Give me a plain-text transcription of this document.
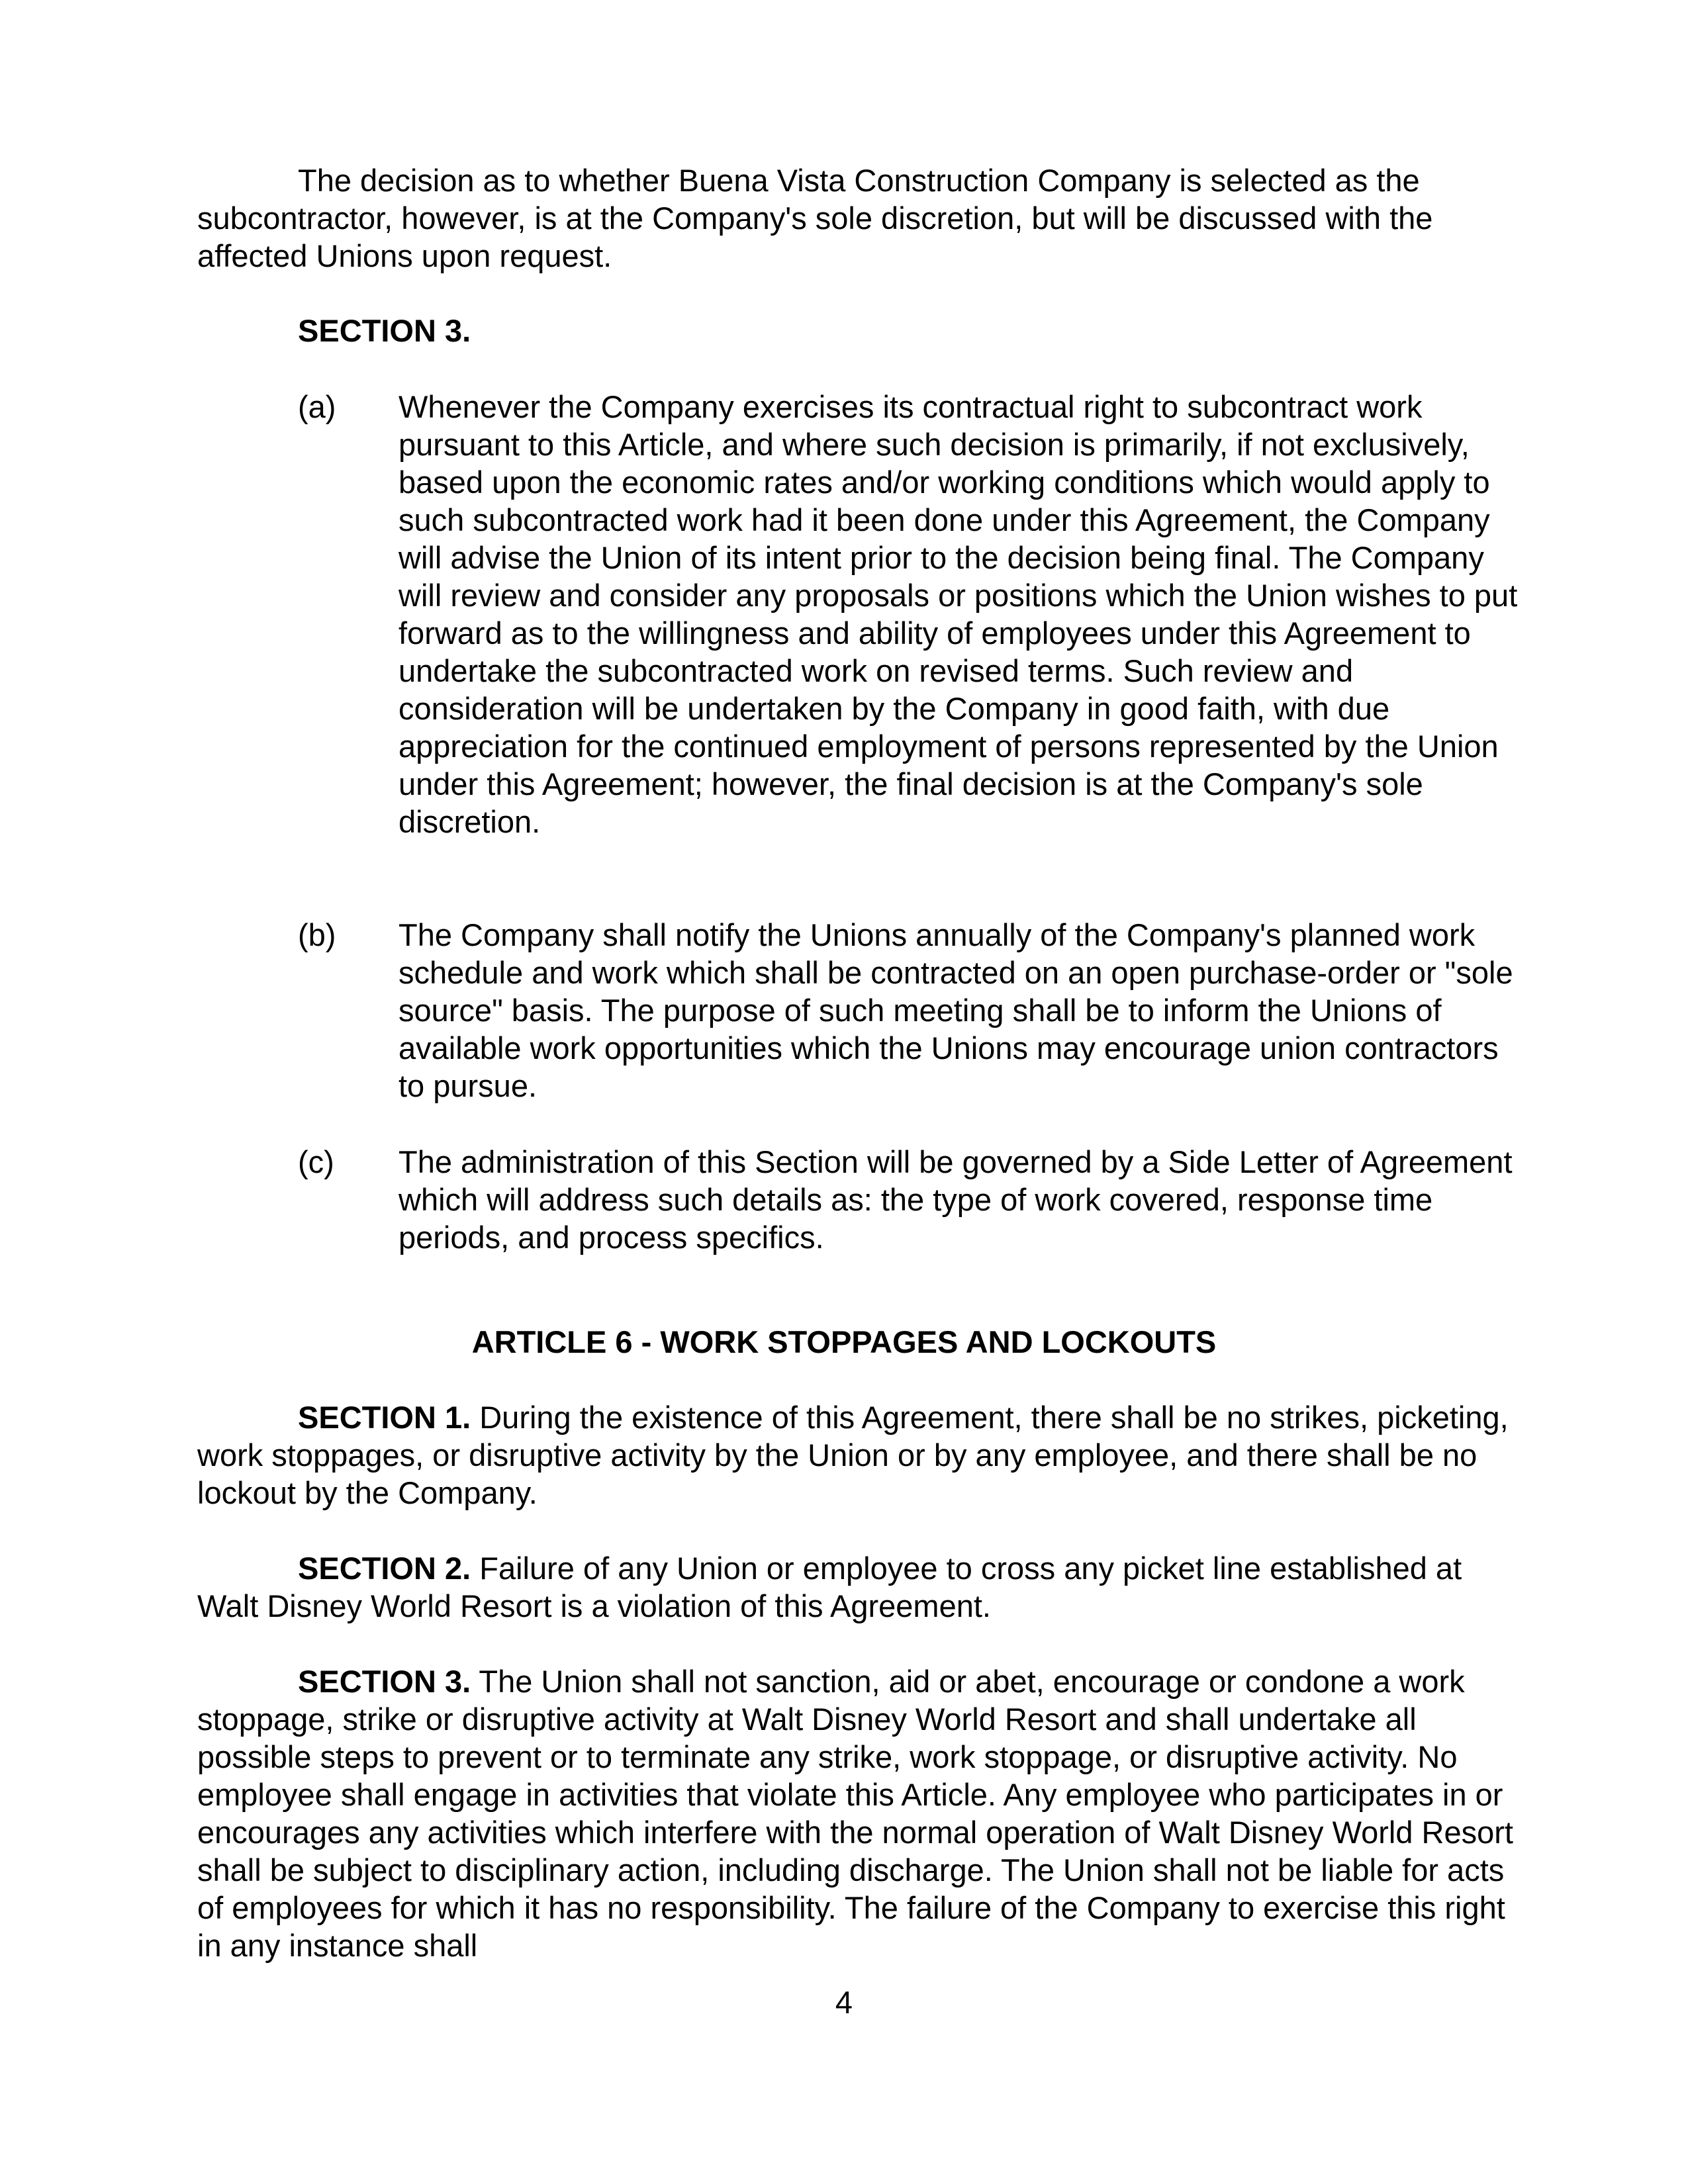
The decision as to whether Buena Vista Construction Company is selected as the subcontractor, however, is at the Company's sole discretion, but will be discussed with the affected Unions upon request.

SECTION 3.

(a) Whenever the Company exercises its contractual right to subcontract work pursuant to this Article, and where such decision is primarily, if not exclusively, based upon the economic rates and/or working conditions which would apply to such subcontracted work had it been done under this Agreement, the Company will advise the Union of its intent prior to the decision being final. The Company will review and consider any proposals or positions which the Union wishes to put forward as to the willingness and ability of employees under this Agreement to undertake the subcontracted work on revised terms. Such review and consideration will be undertaken by the Company in good faith, with due appreciation for the continued employment of persons represented by the Union under this Agreement; however, the final decision is at the Company's sole discretion.

(b) The Company shall notify the Unions annually of the Company's planned work schedule and work which shall be contracted on an open purchase-order or "sole source" basis. The purpose of such meeting shall be to inform the Unions of available work opportunities which the Unions may encourage union contractors to pursue.

(c) The administration of this Section will be governed by a Side Letter of Agreement which will address such details as: the type of work covered, response time periods, and process specifics.

ARTICLE 6 - WORK STOPPAGES AND LOCKOUTS

SECTION 1. During the existence of this Agreement, there shall be no strikes, picketing, work stoppages, or disruptive activity by the Union or by any employee, and there shall be no lockout by the Company.

SECTION 2. Failure of any Union or employee to cross any picket line established at Walt Disney World Resort is a violation of this Agreement.

SECTION 3. The Union shall not sanction, aid or abet, encourage or condone a work stoppage, strike or disruptive activity at Walt Disney World Resort and shall undertake all possible steps to prevent or to terminate any strike, work stoppage, or disruptive activity. No employee shall engage in activities that violate this Article. Any employee who participates in or encourages any activities which interfere with the normal operation of Walt Disney World Resort shall be subject to disciplinary action, including discharge. The Union shall not be liable for acts of employees for which it has no responsibility. The failure of the Company to exercise this right in any instance shall

4
